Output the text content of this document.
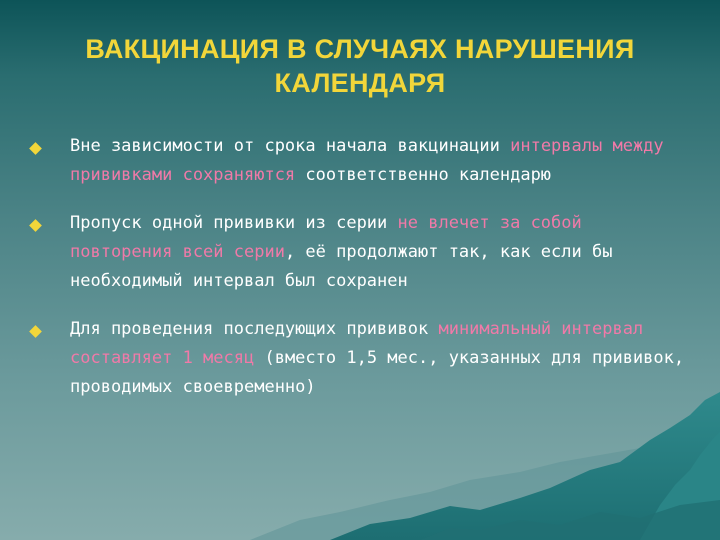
ВАКЦИНАЦИЯ В СЛУЧАЯХ НАРУШЕНИЯ
КАЛЕНДАРЯ
Вне зависимости от срока начала вакцинации интервалы между прививками сохраняются соответственно календарю
Пропуск одной прививки из серии не влечет за собой повторения всей серии, её продолжают так, как если бы необходимый интервал был сохранен
Для проведения последующих прививок минимальный интервал составляет 1 месяц (вместо 1,5 мес., указанных для прививок, проводимых своевременно)
